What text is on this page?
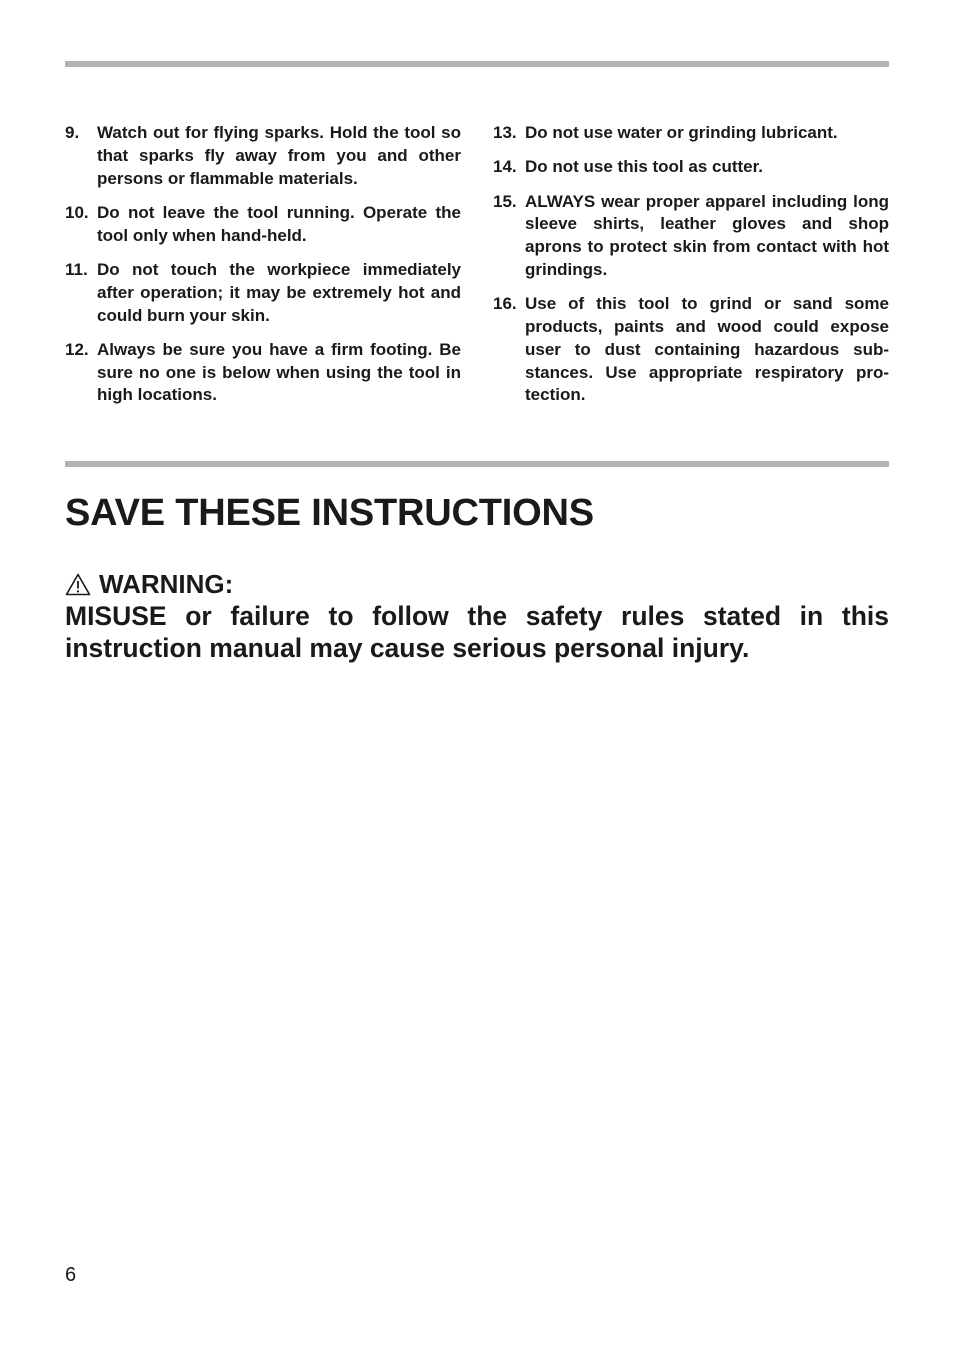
9.	Watch out for flying sparks. Hold the tool so that sparks fly away from you and other persons or flammable materials.
10. Do not leave the tool running. Operate the tool only when hand-held.
11. Do not touch the workpiece immediately after operation; it may be extremely hot and could burn your skin.
12. Always be sure you have a firm footing. Be sure no one is below when using the tool in high locations.
13. Do not use water or grinding lubricant.
14. Do not use this tool as cutter.
15. ALWAYS wear proper apparel including long sleeve shirts, leather gloves and shop aprons to protect skin from contact with hot grindings.
16. Use of this tool to grind or sand some products, paints and wood could expose user to dust containing hazardous sub- stances. Use appropriate respiratory pro- tection.
SAVE THESE INSTRUCTIONS
WARNING:
MISUSE or failure to follow the safety rules stated in this instruction manual may cause serious personal injury.
6
